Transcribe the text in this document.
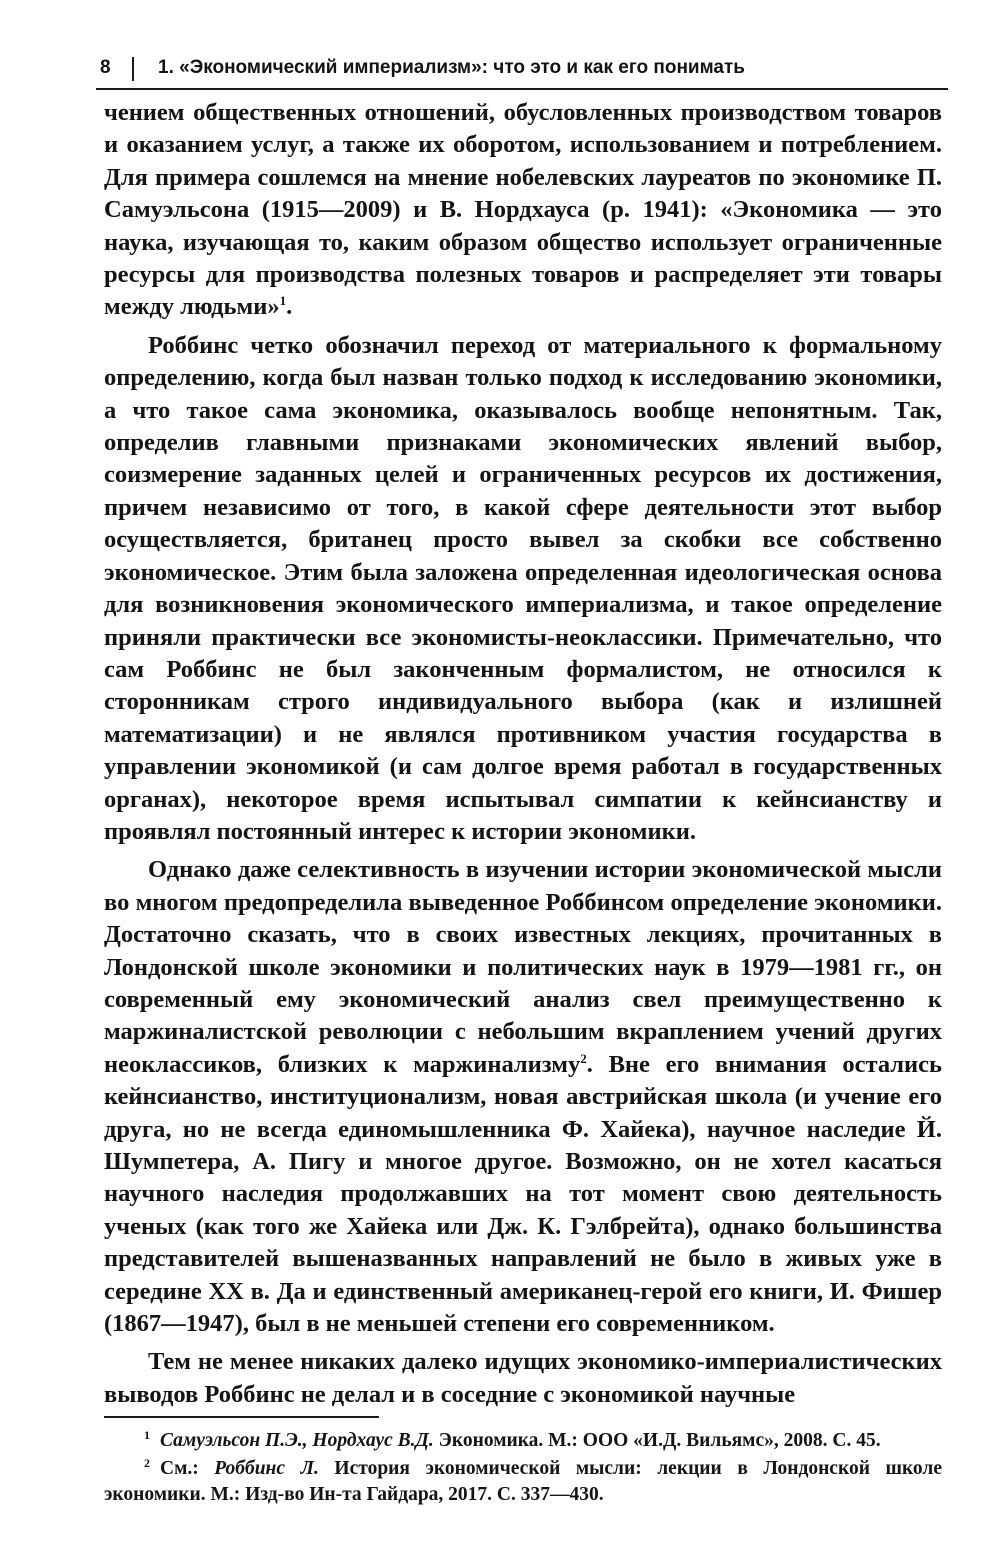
8 1. «Экономический империализм»: что это и как его понимать

чением общественных отношений, обусловленных производством товаров и оказанием услуг, а также их оборотом, использованием и потреблением. Для примера сошлемся на мнение нобелевских лауреатов по экономике П. Самуэльсона (1915—2009) и В. Нордхауса (р. 1941): «Экономика — это наука, изучающая то, каким образом общество использует ограниченные ресурсы для производства полезных товаров и распределяет эти товары между людьми»$^1$.

Роббинс четко обозначил переход от материального к формальному определению, когда был назван только подход к исследованию экономики, а что такое сама экономика, оказывалось вообще непонятным. Так, определив главными признаками экономических явлений выбор, соизмерение заданных целей и ограниченных ресурсов их достижения, причем независимо от того, в какой сфере деятельности этот выбор осуществляется, британец просто вывел за скобки все собственно экономическое. Этим была заложена определенная идеологическая основа для возникновения экономического империализма, и такое определение приняли практически все экономисты-неоклассики. Примечательно, что сам Роббинс не был законченным формалистом, не относился к сторонникам строго индивидуального выбора (как и излишней математизации) и не являлся противником участия государства в управлении экономикой (и сам долгое время работал в государственных органах), некоторое время испытывал симпатии к кейнсианству и проявлял постоянный интерес к истории экономики.

Однако даже селективность в изучении истории экономической мысли во многом предопределила выведенное Роббинсом определение экономики. Достаточно сказать, что в своих известных лекциях, прочитанных в Лондонской школе экономики и политических наук в 1979—1981 гг., он современный ему экономический анализ свел преимущественно к маржиналистской революции с небольшим вкраплением учений других неоклассиков, близких к маржинализму$^2$. Вне его внимания остались кейнсианство, институционализм, новая австрийская школа (и учение его друга, но не всегда единомышленника Ф. Хайека), научное наследие Й. Шумпетера, А. Пигу и многое другое. Возможно, он не хотел касаться научного наследия продолжавших на тот момент свою деятельность ученых (как того же Хайека или Дж. К. Гэлбрейта), однако большинства представителей вышеназванных направлений не было в живых уже в середине XX в. Да и единственный американец-герой его книги, И. Фишер (1867—1947), был в не меньшей степени его современником.

Тем не менее никаких далеко идущих экономико-империалистических выводов Роббинс не делал и в соседние с экономикой научные

$^1$ Самуэльсон П.Э., Нордхаус В.Д. Экономика. М.: ООО «И.Д. Вильямс», 2008. С. 45.

$^2$ См.: Роббинс Л. История экономической мысли: лекции в Лондонской школе экономики. М.: Изд-во Ин-та Гайдара, 2017. С. 337—430.
